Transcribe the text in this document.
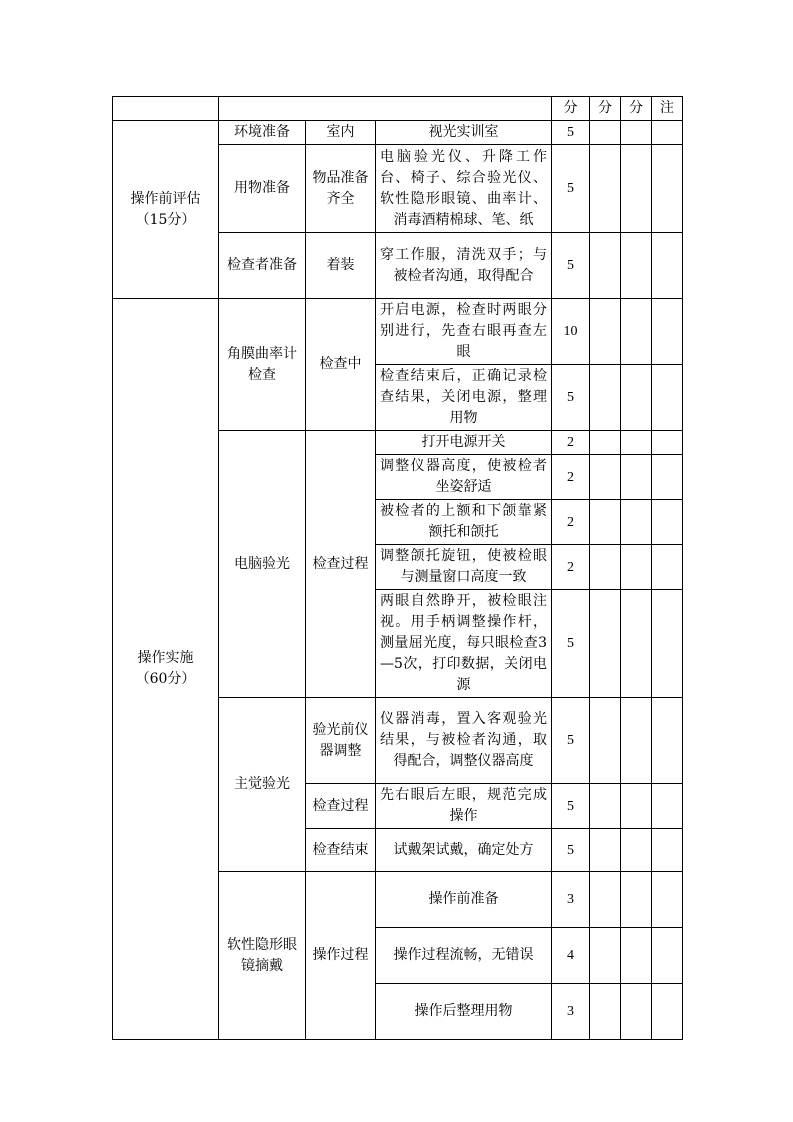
				分	分	分	注

操作前评估
（15分）	环境准备	室内	视光实训室	5			
	用物准备	物品准备齐全	电脑验光仪、升降工作台、椅子、综合验光仪、软性隐形眼镜、曲率计、消毒酒精棉球、笔、纸	5			
	检查者准备	着装	穿工作服，清洗双手；与被检者沟通，取得配合	5			

操作实施
（60分）	角膜曲率计检查	检查中	开启电源，检查时两眼分别进行，先查右眼再查左眼	10			
			检查结束后，正确记录检查结果，关闭电源，整理用物	5			
	电脑验光	检查过程	打开电源开关	2			
			调整仪器高度，使被检者坐姿舒适	2			
			被检者的上额和下颌靠紧额托和颌托	2			
			调整颌托旋钮，使被检眼与测量窗口高度一致	2			
			两眼自然睁开，被检眼注视。用手柄调整操作杆，测量屈光度，每只眼检查3—5次，打印数据，关闭电源	5			
	主觉验光	验光前仪器调整	仪器消毒，置入客观验光结果，与被检者沟通，取得配合，调整仪器高度	5			
		检查过程	先右眼后左眼，规范完成操作	5			
		检查结束	试戴架试戴，确定处方	5			
	软性隐形眼镜摘戴	操作过程	操作前准备	3			
			操作过程流畅，无错误	4			
			操作后整理用物	3			
